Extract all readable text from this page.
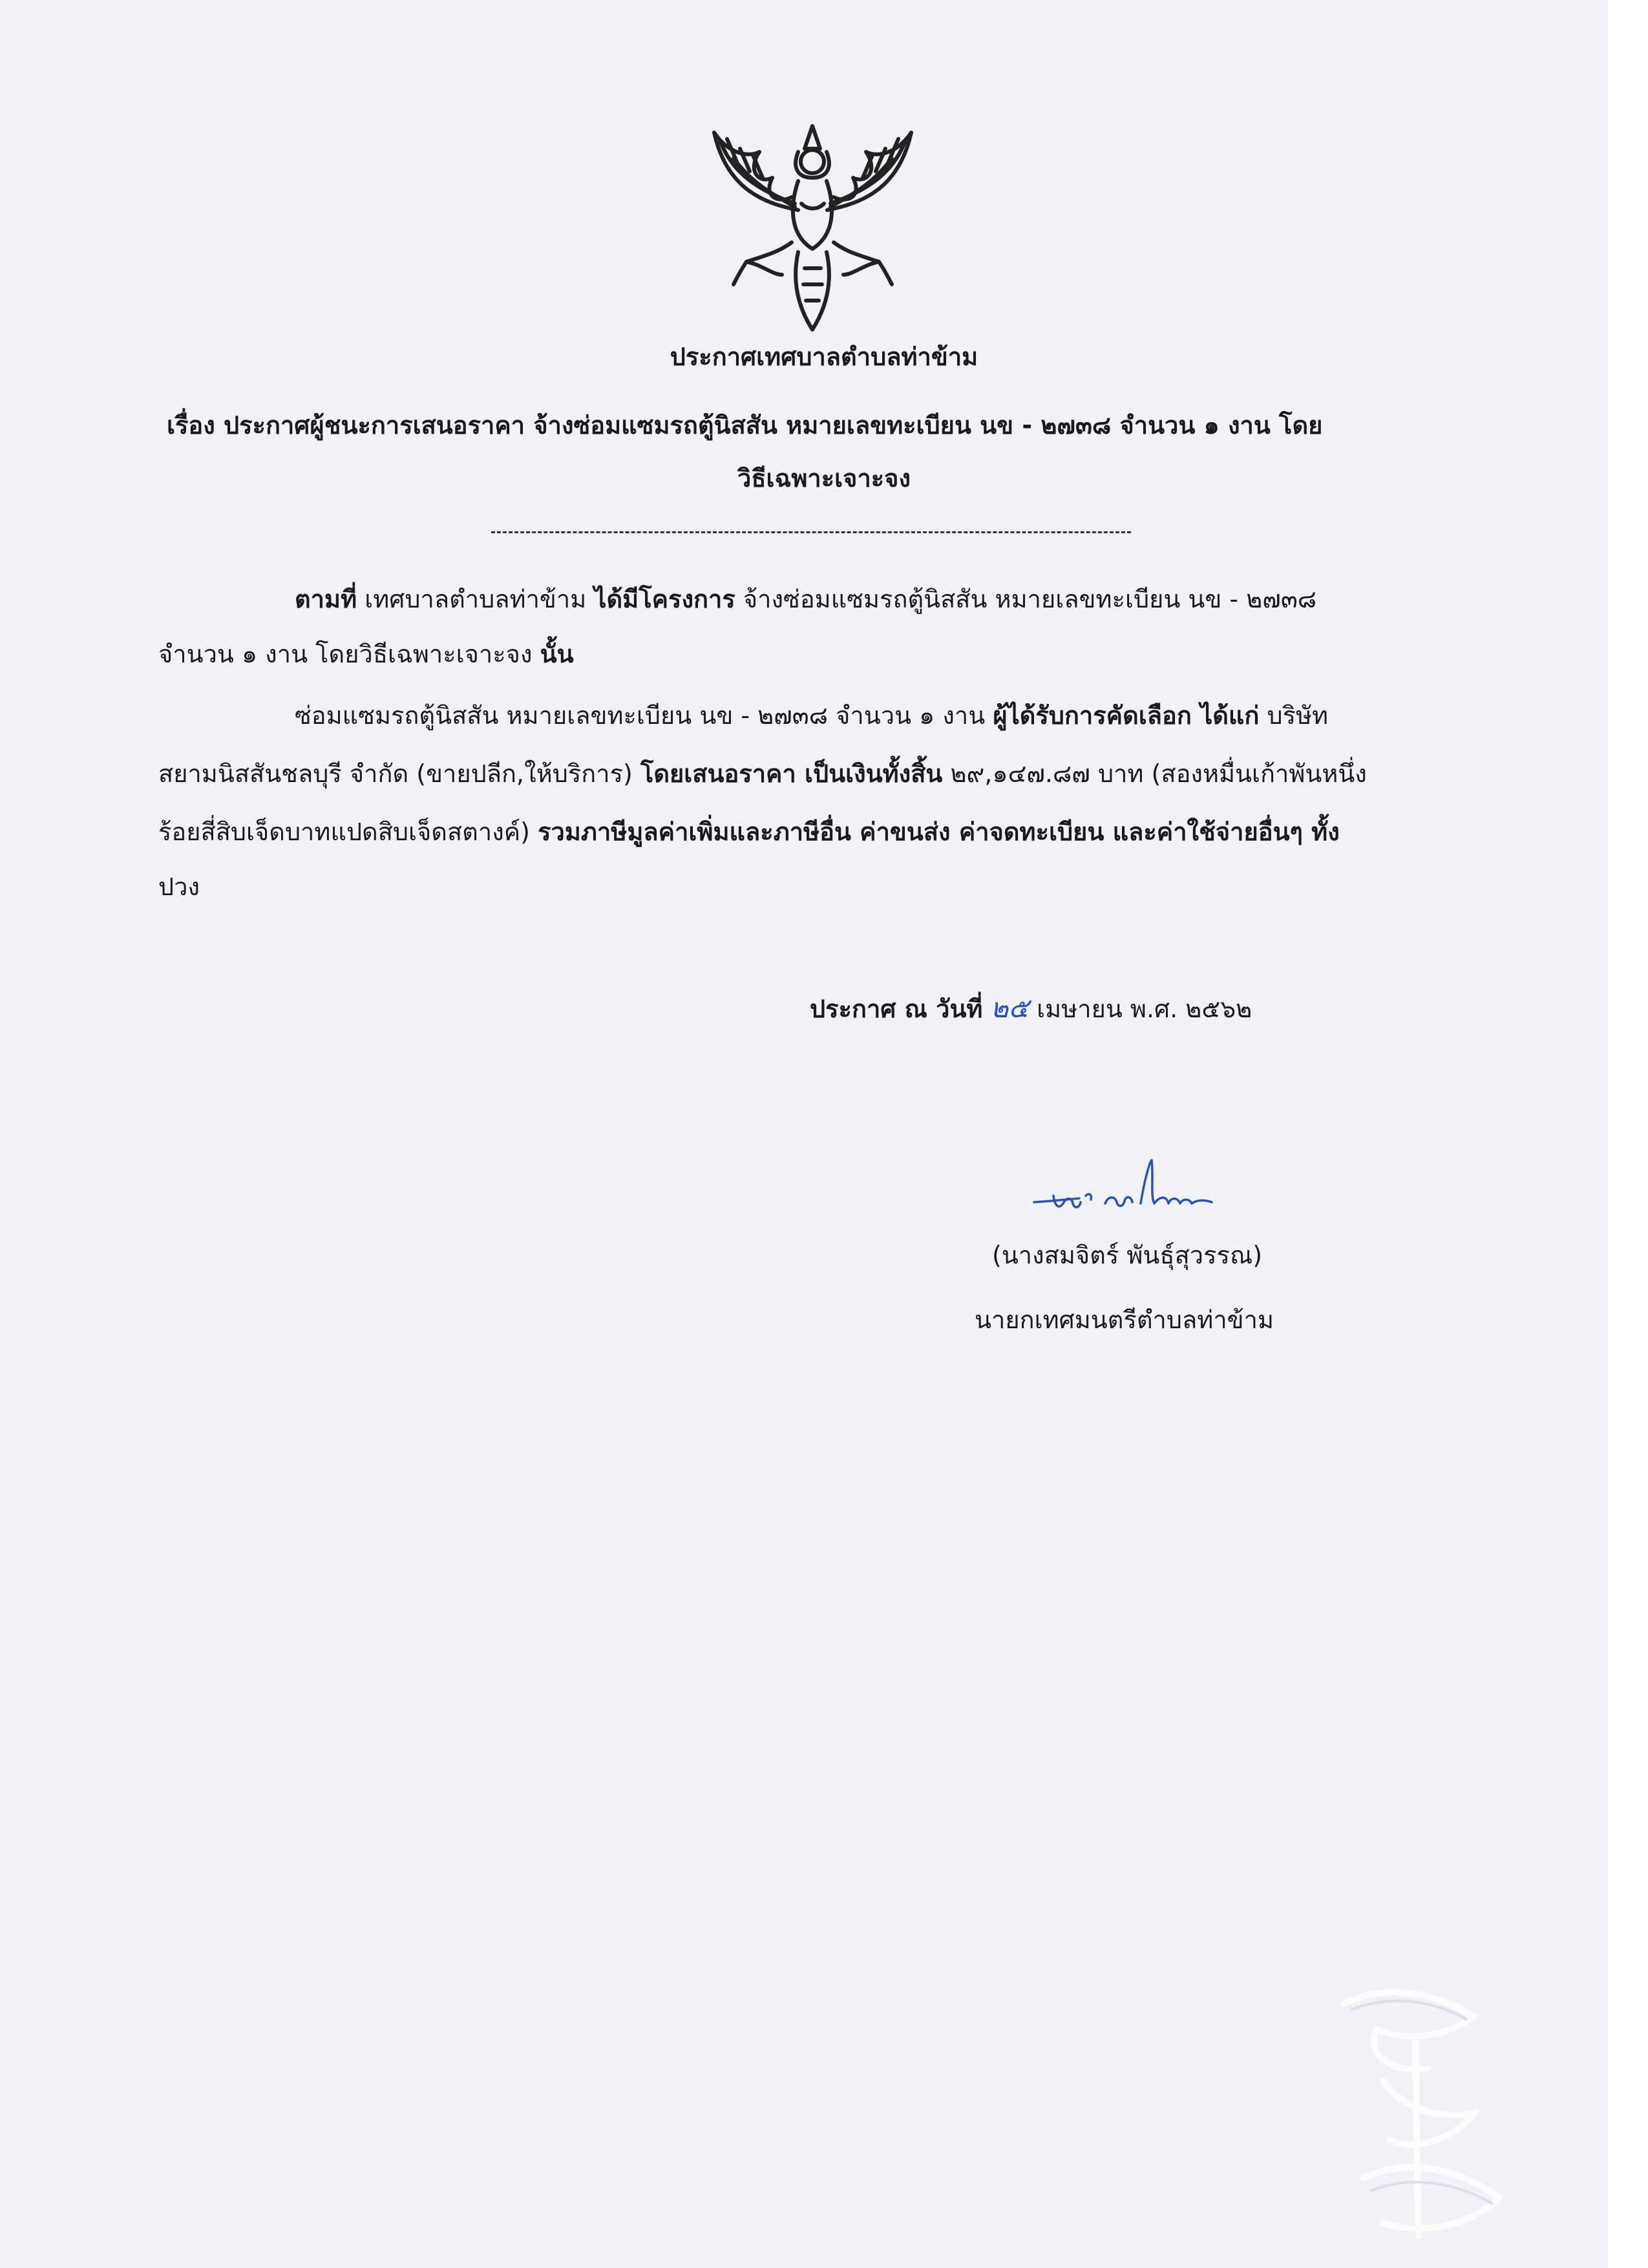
ประกาศเทศบาลตำบลท่าข้าม
เรื่อง ประกาศผู้ชนะการเสนอราคา จ้างซ่อมแซมรถตู้นิสสัน หมายเลขทะเบียน นข - ๒๗๓๘ จำนวน ๑ งาน โดย
วิธีเฉพาะเจาะจง
ตามที่ เทศบาลตำบลท่าข้าม ได้มีโครงการ จ้างซ่อมแซมรถตู้นิสสัน หมายเลขทะเบียน นข - ๒๗๓๘
จำนวน ๑ งาน โดยวิธีเฉพาะเจาะจง นั้น
ซ่อมแซมรถตู้นิสสัน หมายเลขทะเบียน นข - ๒๗๓๘ จำนวน ๑ งาน ผู้ได้รับการคัดเลือก ได้แก่ บริษัท
สยามนิสสันชลบุรี จำกัด (ขายปลีก,ให้บริการ) โดยเสนอราคา เป็นเงินทั้งสิ้น ๒๙,๑๔๗.๘๗ บาท (สองหมื่นเก้าพันหนึ่ง
ร้อยสี่สิบเจ็ดบาทแปดสิบเจ็ดสตางค์) รวมภาษีมูลค่าเพิ่มและภาษีอื่น ค่าขนส่ง ค่าจดทะเบียน และค่าใช้จ่ายอื่นๆ ทั้ง
ปวง
ประกาศ ณ วันที่ ๒๕ เมษายน พ.ศ. ๒๕๖๒
(นางสมจิตร์ พันธุ์สุวรรณ)
นายกเทศมนตรีตำบลท่าข้าม
